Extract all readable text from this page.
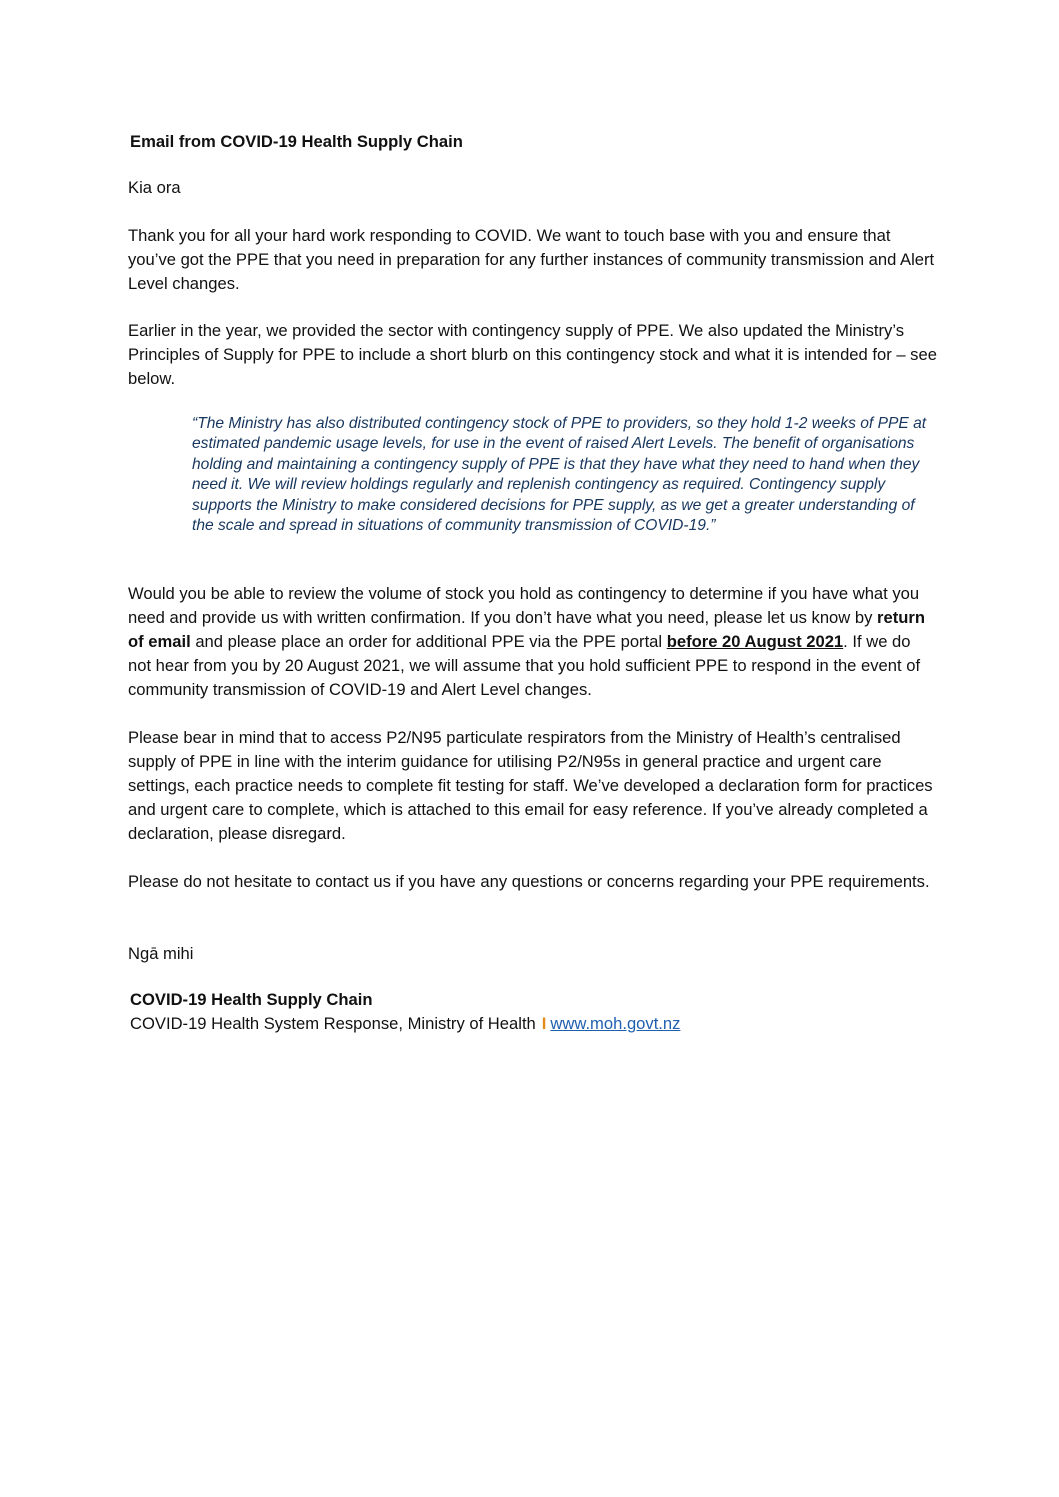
Email from COVID-19 Health Supply Chain

Kia ora

Thank you for all your hard work responding to COVID. We want to touch base with you and ensure that you’ve got the PPE that you need in preparation for any further instances of community transmission and Alert Level changes.

Earlier in the year, we provided the sector with contingency supply of PPE. We also updated the Ministry’s Principles of Supply for PPE to include a short blurb on this contingency stock and what it is intended for – see below.

“The Ministry has also distributed contingency stock of PPE to providers, so they hold 1-2 weeks of PPE at estimated pandemic usage levels, for use in the event of raised Alert Levels. The benefit of organisations holding and maintaining a contingency supply of PPE is that they have what they need to hand when they need it. We will review holdings regularly and replenish contingency as required. Contingency supply supports the Ministry to make considered decisions for PPE supply, as we get a greater understanding of the scale and spread in situations of community transmission of COVID-19.”

Would you be able to review the volume of stock you hold as contingency to determine if you have what you need and provide us with written confirmation. If you don’t have what you need, please let us know by return of email and please place an order for additional PPE via the PPE portal before 20 August 2021. If we do not hear from you by 20 August 2021, we will assume that you hold sufficient PPE to respond in the event of community transmission of COVID-19 and Alert Level changes.

Please bear in mind that to access P2/N95 particulate respirators from the Ministry of Health’s centralised supply of PPE in line with the interim guidance for utilising P2/N95s in general practice and urgent care settings, each practice needs to complete fit testing for staff. We’ve developed a declaration form for practices and urgent care to complete, which is attached to this email for easy reference. If you’ve already completed a declaration, please disregard.

Please do not hesitate to contact us if you have any questions or concerns regarding your PPE requirements.

Ngā mihi

COVID-19 Health Supply Chain

COVID-19 Health System Response, Ministry of Health I www.moh.govt.nz
